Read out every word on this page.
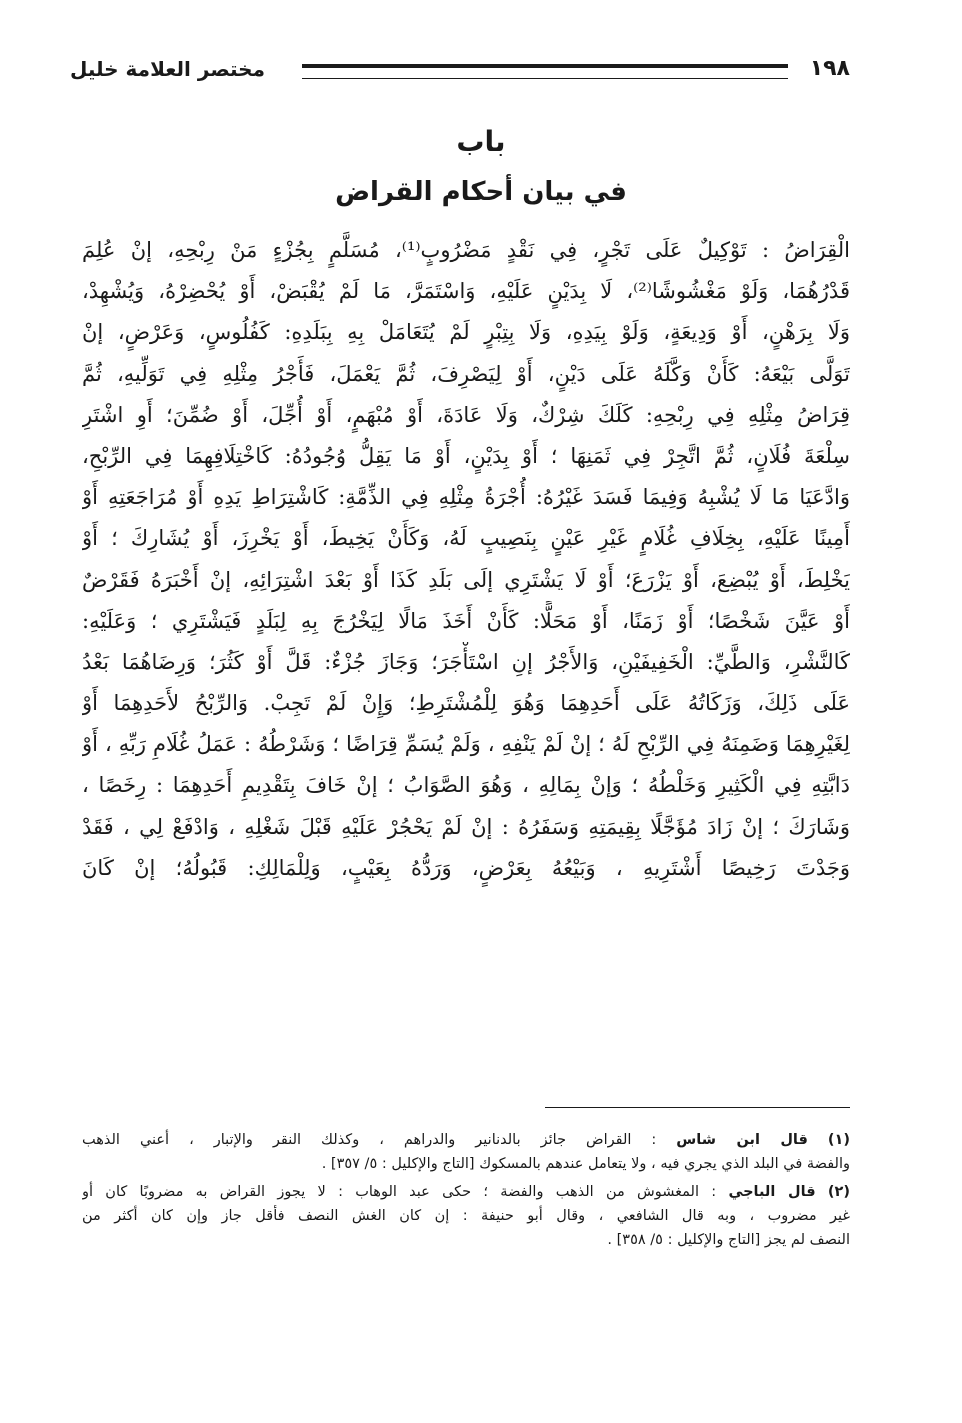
١٩٨
مختصر العلامة خليل
باب
في بيان أحكام القراض
الْقِرَاضُ : تَوْكِيلٌ عَلَى تَجْرٍ، فِي نَقْدٍ مَضْرُوبٍ⁽¹⁾، مُسَلَّمٍ بِجُزْءٍ مَنْ رِبْحِهِ، إنْ عُلِمَ
قَدْرُهُمَا، وَلَوْ مَغْشُوشًا⁽²⁾، لَا بِدَيْنٍ عَلَيْهِ، وَاسْتَمَرَّ، مَا لَمْ يُقْبَضْ، أَوْ يُحْضِرْهُ، وَيُشْهِدْ،
وَلَا بِرَهْنٍ، أَوْ وَدِيعَةٍ، وَلَوْ بِيَدِهِ، وَلَا بِتِبْرٍ لَمْ يُتَعَامَلْ بِهِ بِبَلَدِهِ: كَفُلُوسٍ، وَعَرْضٍ، إنْ
تَوَلَّى بَيْعَهُ: كَأَنْ وَكَّلَهُ عَلَى دَيْنٍ، أَوْ لِيَصْرِفَ، ثُمَّ يَعْمَلَ، فَأَجْرُ مِثْلِهِ فِي تَوَلِّيهِ، ثُمَّ
قِرَاضُ مِثْلِهِ فِي رِبْحِهِ: كَلَكَ شِرْكٌ، وَلَا عَادَةَ، أَوْ مُبْهَمٍ، أَوْ أُجِّلَ، أَوْ ضُمِّنَ؛ أَوِ اشْتَرِ
سِلْعَةَ فُلَانٍ، ثُمَّ اتَّجِرْ فِي ثَمَنِهَا ؛ أَوْ بِدَيْنٍ، أَوْ مَا يَقِلُّ وُجُودُهُ: كَاخْتِلَافِهِمَا فِي الرِّبْحِ،
وَادَّعَيَا مَا لَا يُشْبِهُ وَفِيمَا فَسَدَ غَيْرُهُ: أُجْرَةُ مِثْلِهِ فِي الذِّمَّةِ: كَاشْتِرَاطِ يَدِهِ أَوْ مُرَاجَعَتِهِ أَوْ
أَمِينًا عَلَيْهِ، بِخِلَافِ غُلَامٍ غَيْرِ عَيْنٍ بِنَصِيبٍ لَهُ، وَكَأَنْ يَخِيطَ، أَوْ يَخْرِزَ، أَوْ يُشَارِكَ ؛ أَوْ
يَخْلِطَ، أَوْ يُبْضِعَ، أَوْ يَزْرَعَ؛ أَوْ لَا يَشْتَرِي إلَى بَلَدِ كَذَا أَوْ بَعْدَ اشْتِرَائِهِ، إنْ أَخْبَرَهُ فَقَرْضٌ
أَوْ عَيَّنَ شَخْصًا؛ أَوْ زَمَنًا، أَوْ مَحَلًّا: كَأَنْ أَخَذَ مَالًا لِيَخْرُجَ بِهِ لِبَلَدٍ فَيَشْتَرِي ؛ وَعَلَيْهِ:
كَالنَّشْرِ، وَالطَّيِّ: الْخَفِيفَيْنِ، وَالأَجْرُ إنِ اسْتَأْجَرَ؛ وَجَازَ جُزْءٌ: قَلَّ أَوْ كَثُرَ؛ وَرِضَاهُمَا بَعْدُ
عَلَى ذَلِكَ، وَزَكَاتُهُ عَلَى أَحَدِهِمَا وَهُوَ لِلْمُشْتَرِطِ؛ وَإِنْ لَمْ تَجِبْ. وَالرِّبْحُ لأَحَدِهِمَا أَوْ
لِغَيْرِهِمَا وَضَمِنَهُ فِي الرِّبْحِ لَهُ ؛ إنْ لَمْ يَنْفِهِ ، وَلَمْ يُسَمِّ قِرَاضًا ؛ وَشَرْطُهُ : عَمَلُ غُلَامِ رَبِّهِ ، أَوْ
دَابَّتِهِ فِي الْكَثِيرِ وَخَلْطُهُ ؛ وَإنْ بِمَالِهِ ، وَهُوَ الصَّوَابُ ؛ إنْ خَافَ بِتَقْدِيمِ أَحَدِهِمَا : رِخَصًا ،
وَشَارَكَ ؛ إنْ زَادَ مُؤَجَّلًا بِقِيمَتِهِ وَسَفَرُهُ : إنْ لَمْ يَحْجُرْ عَلَيْهِ قَبْلَ شَغْلِهِ ، وَادْفَعْ لِي ، فَقَدْ
وَجَدْتَ رَخِيصًا أَشْتَرِيهِ ، وَبَيْعُهُ بِعَرْضٍ، وَرَدُّهُ بِعَيْبٍ، وَلِلْمَالِكِ: قَبُولُهُ؛ إنْ كَانَ
(١) قال ابن شاس : القراض جائز بالدنانير والدراهم ، وكذلك النقر والإتبار ، أعني الذهب
والفضة في البلد الذي يجري فيه ، ولا يتعامل عندهم بالمسكوك [التاج والإكليل : ٥/ ٣٥٧] .
(٢) قال الباجي : المغشوش من الذهب والفضة ؛ حكى عبد الوهاب : لا يجوز القراض به مضروبًا كان أو
غير مضروب ، وبه قال الشافعي ، وقال أبو حنيفة : إن كان الغش النصف فأقل جاز وإن كان أكثر من
النصف لم يجز [التاج والإكليل : ٥/ ٣٥٨] .
